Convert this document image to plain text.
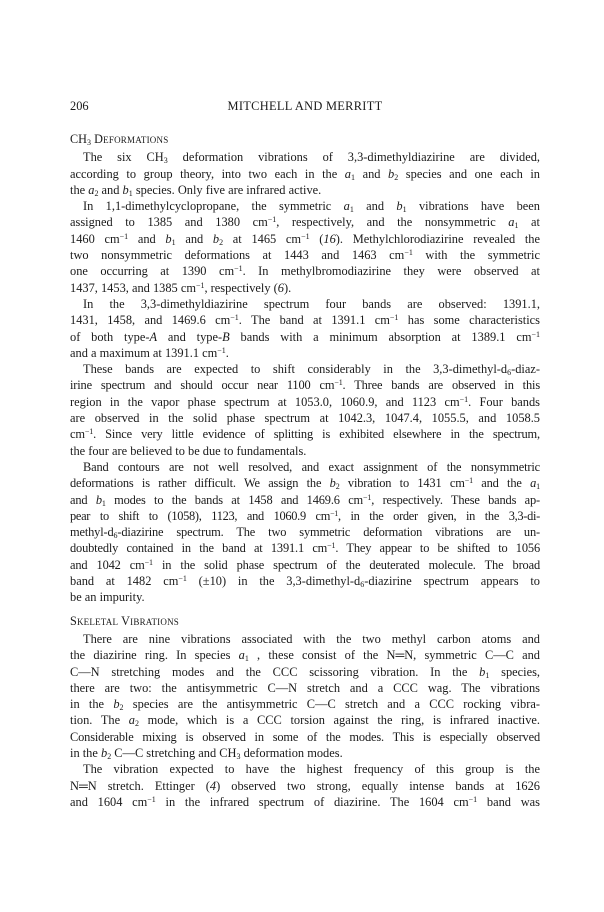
206	MITCHELL AND MERRITT
$CH_3$ Deformations

The six $CH_3$ deformation vibrations of 3,3-dimethyldiazirine are divided,
according to group theory, into two each in the $a_1$ and $b_2$ species and one each in
the $a_2$ and $b_1$ species. Only five are infrared active.

In 1,1-dimethylcyclopropane, the symmetric $a_1$ and $b_1$ vibrations have been
assigned to 1385 and 1380 $cm^{-1}$, respectively, and the nonsymmetric $a_1$ at
1460 $cm^{-1}$ and $b_1$ and $b_2$ at 1465 $cm^{-1}$ (16). Methylchlorodiazirine revealed the
two nonsymmetric deformations at 1443 and 1463 $cm^{-1}$ with the symmetric
one occurring at 1390 $cm^{-1}$. In methylbromodiazirine they were observed at
1437, 1453, and 1385 $cm^{-1}$, respectively (6).

In the 3,3-dimethyldiazirine spectrum four bands are observed: 1391.1,
1431, 1458, and 1469.6 $cm^{-1}$. The band at 1391.1 $cm^{-1}$ has some characteristics
of both type-A and type-B bands with a minimum absorption at 1389.1 $cm^{-1}$
and a maximum at 1391.1 $cm^{-1}$.

These bands are expected to shift considerably in the $3,3-dimethyl-d_6-diaz-$
irine spectrum and should occur near 1100 $cm^{-1}$. Three bands are observed in this
region in the vapor phase spectrum at 1053.0, 1060.9, and 1123 $cm^{-1}$. Four bands
are observed in the solid phase spectrum at 1042.3, 1047.4, 1055.5, and 1058.5
$cm^{-1}$. Since very little evidence of splitting is exhibited elsewhere in the spectrum,
the four are believed to be due to fundamentals.

Band contours are not well resolved, and exact assignment of the nonsymmetric
deformations is rather difficult. We assign the $b_2$ vibration to 1431 $cm^{-1}$ and the $a_1$
and $b_1$ modes to the bands at 1458 and 1469.6 $cm^{-1}$, respectively. These bands ap-
pear to shift to (1058), 1123, and 1060.9 $cm^{-1}$, in the order given, in the 3,3-di-
methyl-$d_6$-diazirine spectrum. The two symmetric deformation vibrations are un-
doubtedly contained in the band at 1391.1 $cm^{-1}$. They appear to be shifted to 1056
and 1042 $cm^{-1}$ in the solid phase spectrum of the deuterated molecule. The broad
band at 1482 $cm^{-1}$ (±10) in the $3,3-dimethyl-d_6$-diazirine spectrum appears to
be an impurity.

Skeletal Vibrations

There are nine vibrations associated with the two methyl carbon atoms and
the diazirine ring. In species $a_1$ , these consist of the N═N, symmetric C—C and
C—N stretching modes and the CCC scissoring vibration. In the $b_1$ species,
there are two: the antisymmetric C—N stretch and a CCC wag. The vibrations
in the $b_2$ species are the antisymmetric C—C stretch and a CCC rocking vibra-
tion. The $a_2$ mode, which is a CCC torsion against the ring, is infrared inactive.
Considerable mixing is observed in some of the modes. This is especially observed
in the $b_2$ C—C stretching and $CH_3$ deformation modes.

The vibration expected to have the highest frequency of this group is the
N═N stretch. Ettinger (4) observed two strong, equally intense bands at 1626
and 1604 $cm^{-1}$ in the infrared spectrum of diazirine. The 1604 $cm^{-1}$ band was
